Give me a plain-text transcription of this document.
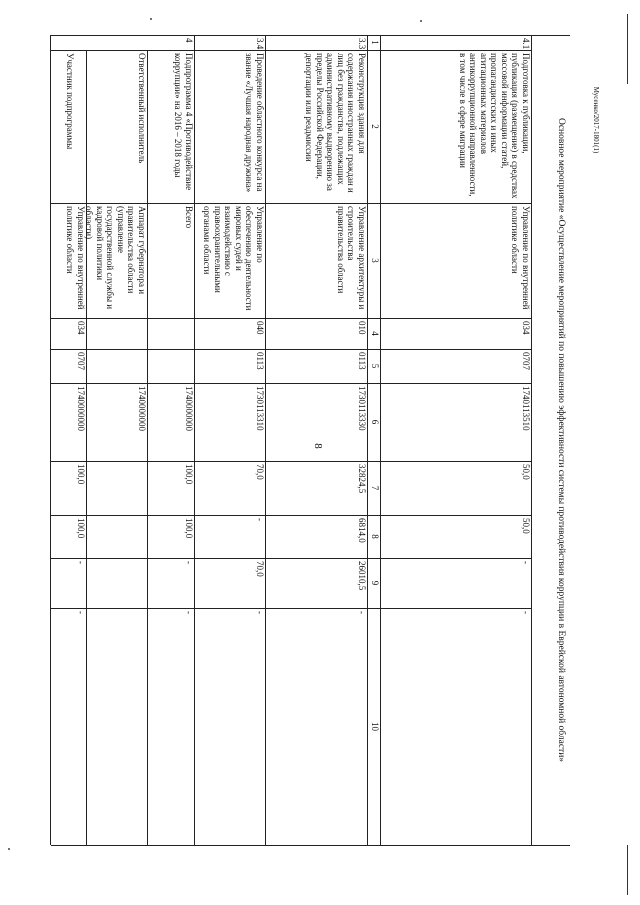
8
Мусенко/2017-1801(1)
1
2
3
4
5
6
7
8
9
10
3.3
Реконструкция здания для содержания иностранных граждан и лиц без гражданства, подлежащих административному выдворению за пределы Российской Федерации, депортации или реадмиссии
Управление архитектуры и строительства правительства области
010
0113
1730113330
32824,5
6814,0
26010,5
-
3.4
Проведение областного конкурса на звание «Лучшая народная дружина»
Управление по обеспечению деятельности мировых судей и взаимодействию с правоохранительными органами области
040
0113
1730113310
70,0
-
70,0
-
4
Подпрограмма 4 «Противодействие коррупции» на 2016 – 2018 годы
Всего
1740000000
100,0
100,0
-
-
Ответственный исполнитель
Аппарат губернатора и правительства области (управление государственной службы и кадровой политики области)
1740000000
Участник подпрограммы
Управление по внутренней политике области
034
0707
1740000000
100,0
100,0
-
-	Основное мероприятие «Осуществление мероприятий по повышению эффективности системы противодействия коррупции в Еврейской автономной области»
4.1
Подготовка к публикации, публикация (размещение) в средствах массовой информации статей, пропагандистских и иных агитационных материалов антикоррупционной направленности, в том числе в сфере миграции
Управление по внутренней политике области
034
0707
1740113510
50,0
50,0
-
-
